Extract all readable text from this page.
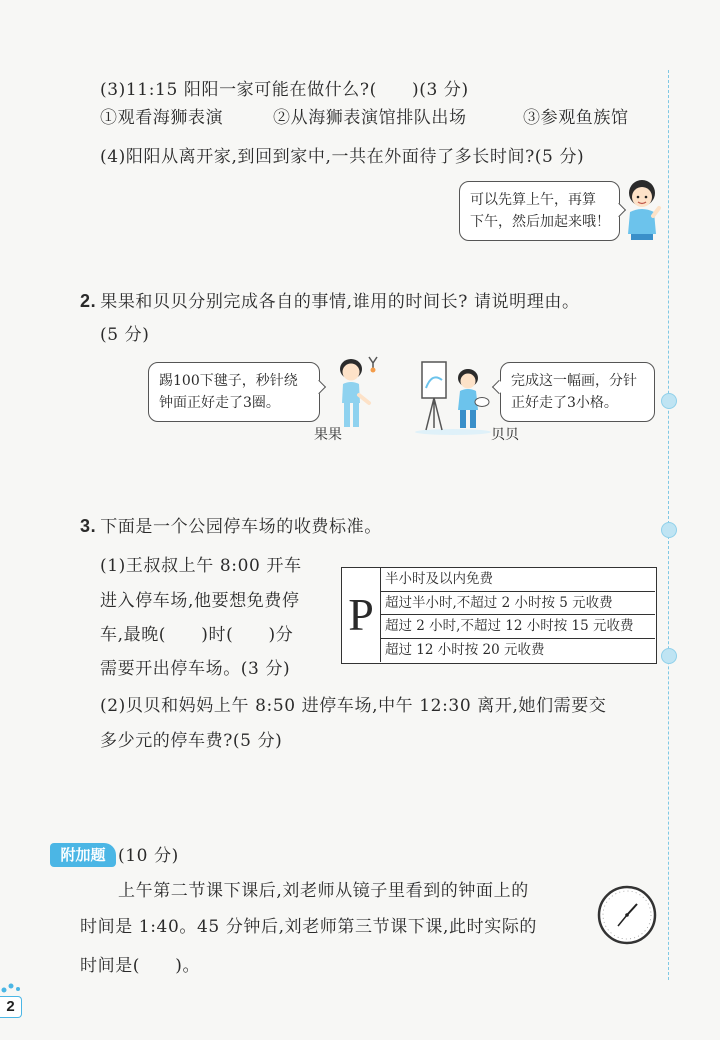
(3)11:15 阳阳一家可能在做什么?(　　)(3 分)
①观看海狮表演	②从海狮表演馆排队出场	③参观鱼族馆
(4)阳阳从离开家,到回到家中,一共在外面待了多长时间?(5 分)
可以先算上午，再算
下午，然后加起来哦！
2. 果果和贝贝分别完成各自的事情,谁用的时间长? 请说明理由。
(5 分)
踢100下毽子，秒针绕
钟面正好走了3圈。
果果
完成这一幅画，分针
正好走了3小格。
贝贝
3. 下面是一个公园停车场的收费标准。
(1)王叔叔上午 8:00 开车
进入停车场,他要想免费停
车,最晚(　　)时(　　)分
需要开出停车场。(3 分)
P
半小时及以内免费
超过半小时,不超过 2 小时按 5 元收费
超过 2 小时,不超过 12 小时按 15 元收费
超过 12 小时按 20 元收费
(2)贝贝和妈妈上午 8:50 进停车场,中午 12:30 离开,她们需要交
多少元的停车费?(5 分)
附加题 (10 分)
上午第二节课下课后,刘老师从镜子里看到的钟面上的
时间是 1:40。45 分钟后,刘老师第三节课下课,此时实际的
时间是(　　)。
2
